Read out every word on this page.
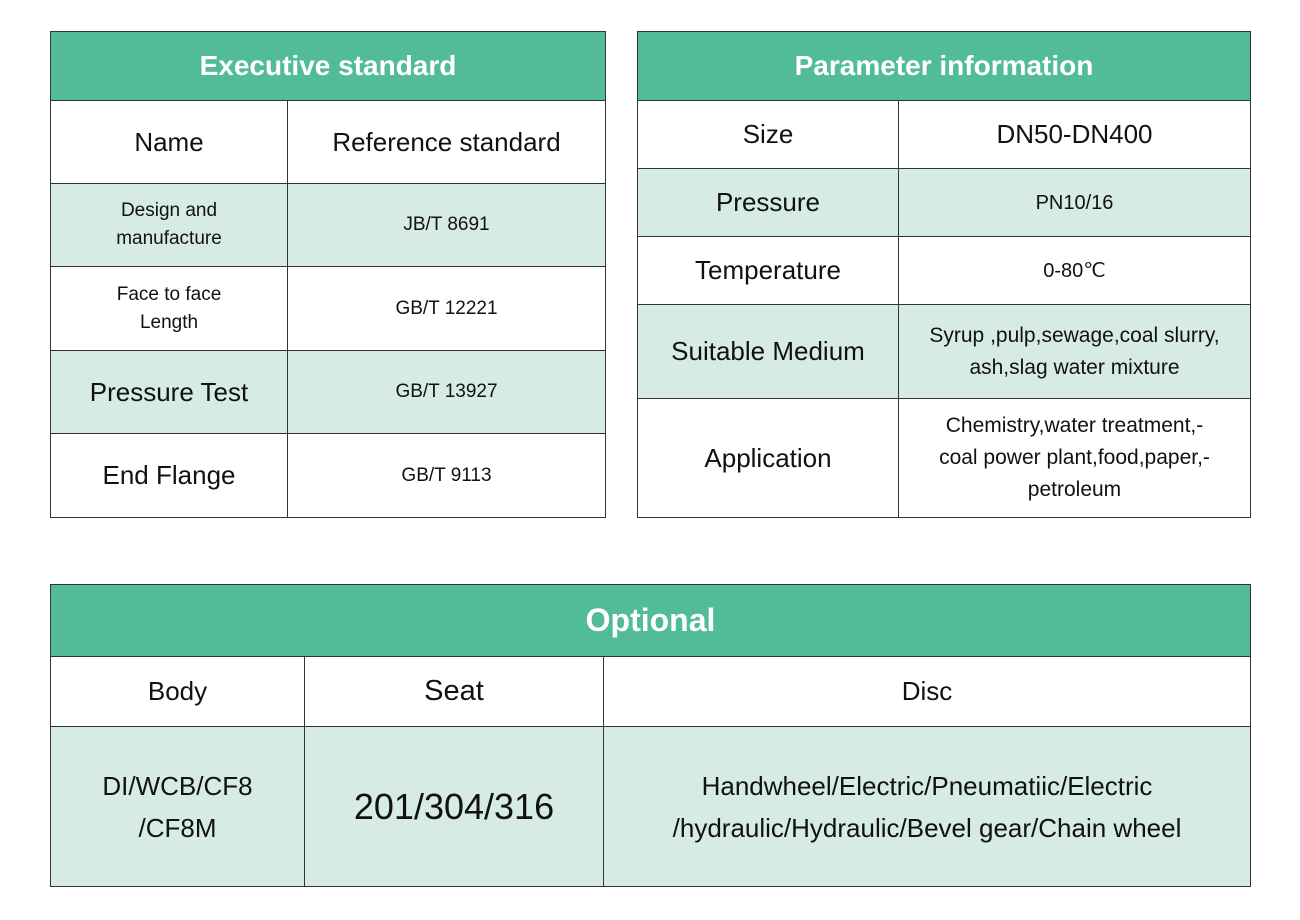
Executive standard	
Name	Reference standard
Design and
manufacture	JB/T 8691
Face to face
Length	GB/T 12221
Pressure Test	GB/T 13927
End Flange	GB/T 9113
Parameter information	
Size	DN50-DN400
Pressure	PN10/16
Temperature	0-80℃
Suitable Medium	Syrup ,pulp,sewage,coal slurry,
ash,slag water mixture
Application	Chemistry,water treatment,-
coal power plant,food,paper,-
petroleum
Optional		
Body	Seat	Disc
DI/WCB/CF8
/CF8M	201/304/316	Handwheel/Electric/Pneumatiic/Electric
/hydraulic/Hydraulic/Bevel gear/Chain wheel
